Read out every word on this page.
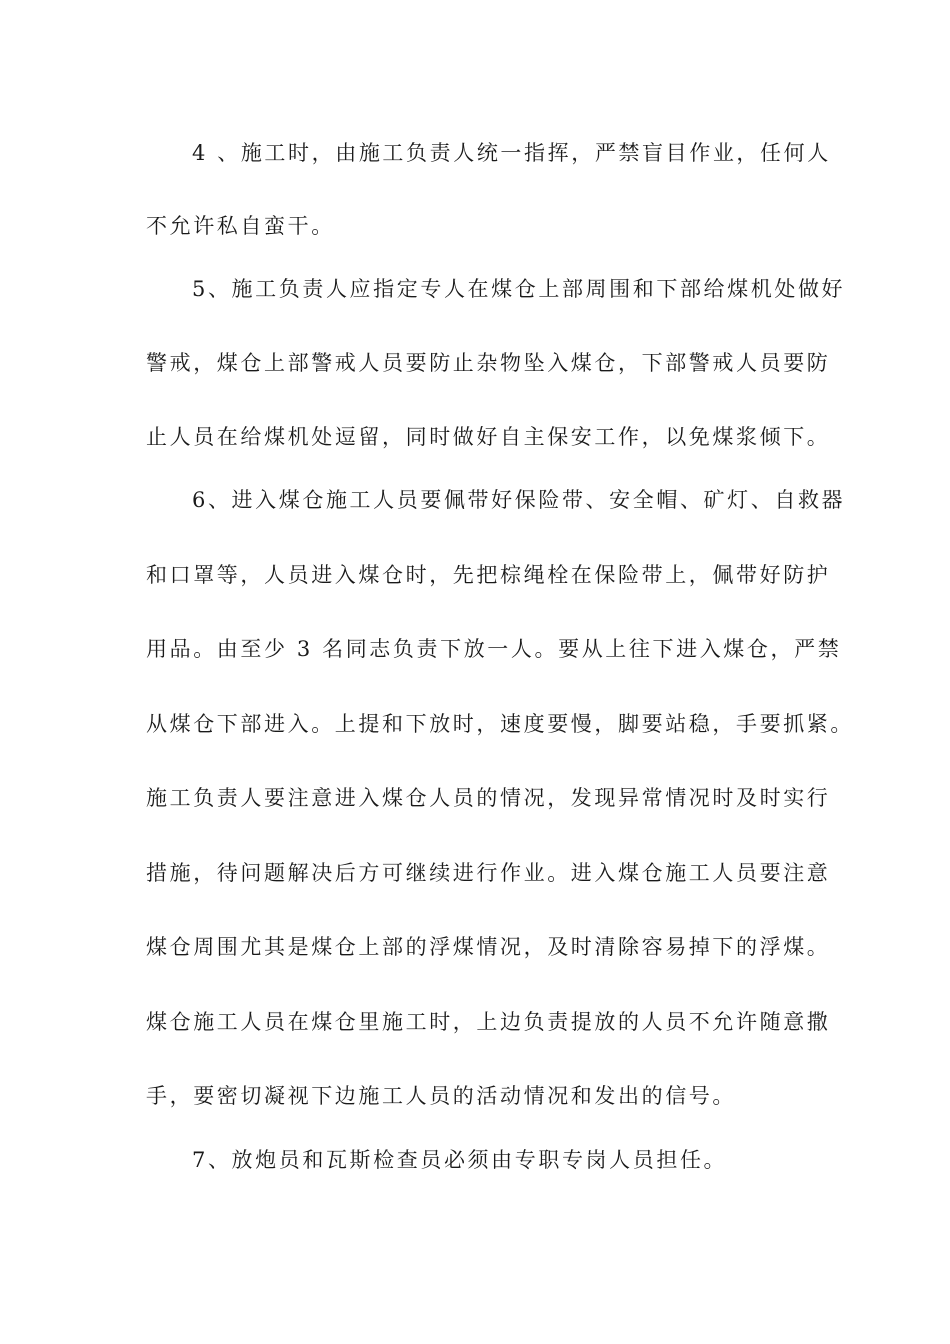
4 、施工时，由施工负责人统一指挥，严禁盲目作业，任何人
不允许私自蛮干。
5、施工负责人应指定专人在煤仓上部周围和下部给煤机处做好
警戒，煤仓上部警戒人员要防止杂物坠入煤仓，下部警戒人员要防
止人员在给煤机处逗留，同时做好自主保安工作，以免煤浆倾下。
6、进入煤仓施工人员要佩带好保险带、安全帽、矿灯、自救器
和口罩等，人员进入煤仓时，先把棕绳栓在保险带上，佩带好防护
用品。由至少 3 名同志负责下放一人。要从上往下进入煤仓，严禁
从煤仓下部进入。上提和下放时，速度要慢，脚要站稳，手要抓紧。
施工负责人要注意进入煤仓人员的情况，发现异常情况时及时实行
措施，待问题解决后方可继续进行作业。进入煤仓施工人员要注意
煤仓周围尤其是煤仓上部的浮煤情况，及时清除容易掉下的浮煤。
煤仓施工人员在煤仓里施工时，上边负责提放的人员不允许随意撒
手，要密切凝视下边施工人员的活动情况和发出的信号。
7、放炮员和瓦斯检查员必须由专职专岗人员担任。
